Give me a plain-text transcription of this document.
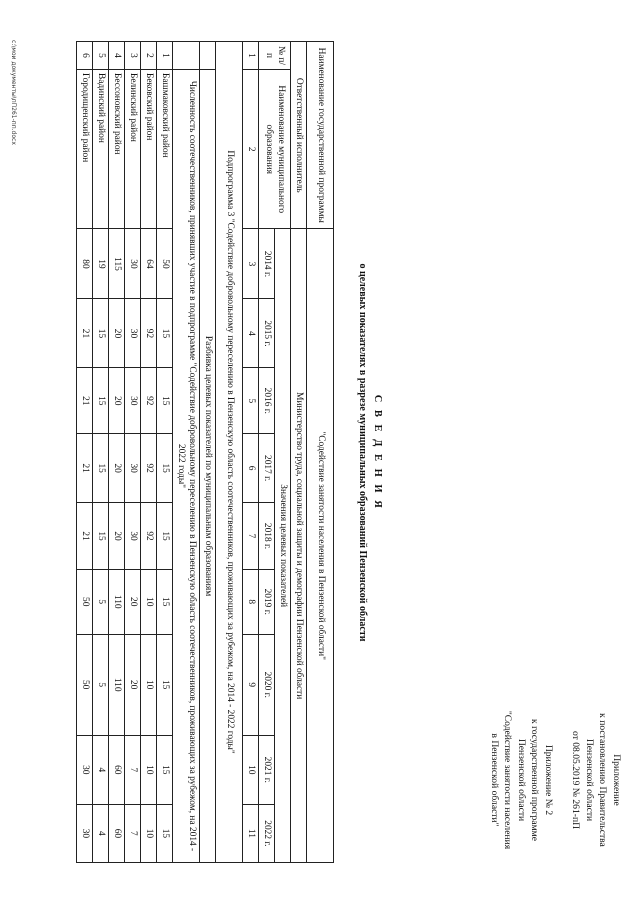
Приложение
к постановлению Правительства
Пензенской области
от 08.05.2019 № 261-пП
Приложение № 2
к государственной программе
Пензенской области
"Содействие занятости населения
в Пензенской области"
С В Е Д Е Н И Я
о целевых показателях в разрезе муниципальных образований Пензенской области
Наименование государственной программы		"Содействие занятости населения в Пензенской области"								
Ответственный исполнитель		Министерство труда, социальной защиты и демографии Пензенской области								
№ п/п	Наименование муниципального образования	Значения целевых показателей								
		2014 г.	2015 г.	2016 г.	2017 г.	2018 г.	2019 г.	2020 г.	2021 г.	2022 г.
1	2	3	4	5	6	7	8	9	10	11
Подпрограмма 3 "Содействие добровольному переселению в Пензенскую область соотечественников, проживающих за рубежом, на 2014 - 2022 годы"										
	Разбивка целевых показателей по муниципальным образованиям									
	Численность соотечественников, принявших участие в подпрограмме "Содействие добровольному переселению в Пензенскую область соотечественников, проживающих за рубежом, на 2014 - 2022 годы"									
1	Башмаковский район	50	15	15	15	15	15	15	15	15
2	Бековский район	64	92	92	92	92	10	10	10	10
3	Белинский район	30	30	30	30	30	20	20	7	7
4	Бессоновский район	115	20	20	20	20	110	110	60	60
5	Вадинский район	19	15	15	15	15	5	5	4	4
6	Городищенский район	80	21	21	21	21	50	50	30	30
c:\мои документы\пП261-пп.docx
